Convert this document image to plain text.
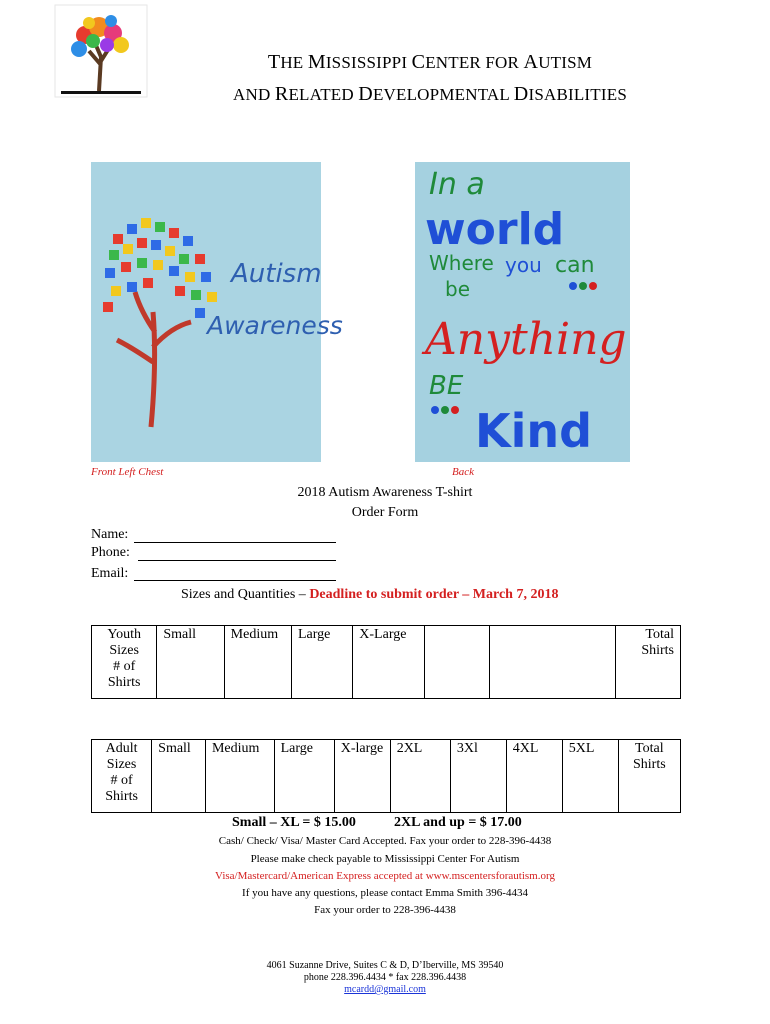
THE MISSISSIPPI CENTER FOR AUTISM
AND RELATED DEVELOPMENTAL DISABILITIES
Autism
Awareness
In a
world
Where you can
be
Anything
BE
Kind
Front Left Chest	Back
2018 Autism Awareness T-shirt
Order Form
Name:
Phone:
Email:
Sizes and Quantities – Deadline to submit order – March 7, 2018
Youth
Sizes
# of
Shirts	Small	Medium	Large	X-Large			Total Shirts
Adult
Sizes
# of
Shirts	Small	Medium	Large	X-large	2XL	3Xl	4XL	5XL	Total Shirts
Small – XL = $ 15.00	2XL and up = $ 17.00
Cash/ Check/ Visa/ Master Card Accepted. Fax your order to 228-396-4438
Please make check payable to Mississippi Center For Autism
Visa/Mastercard/American Express accepted at www.mscentersforautism.org
If you have any questions, please contact Emma Smith 396-4434
Fax your order to 228-396-4438
4061 Suzanne Drive, Suites C & D, D’Iberville, MS 39540
phone 228.396.4434 * fax 228.396.4438
mcardd@gmail.com
